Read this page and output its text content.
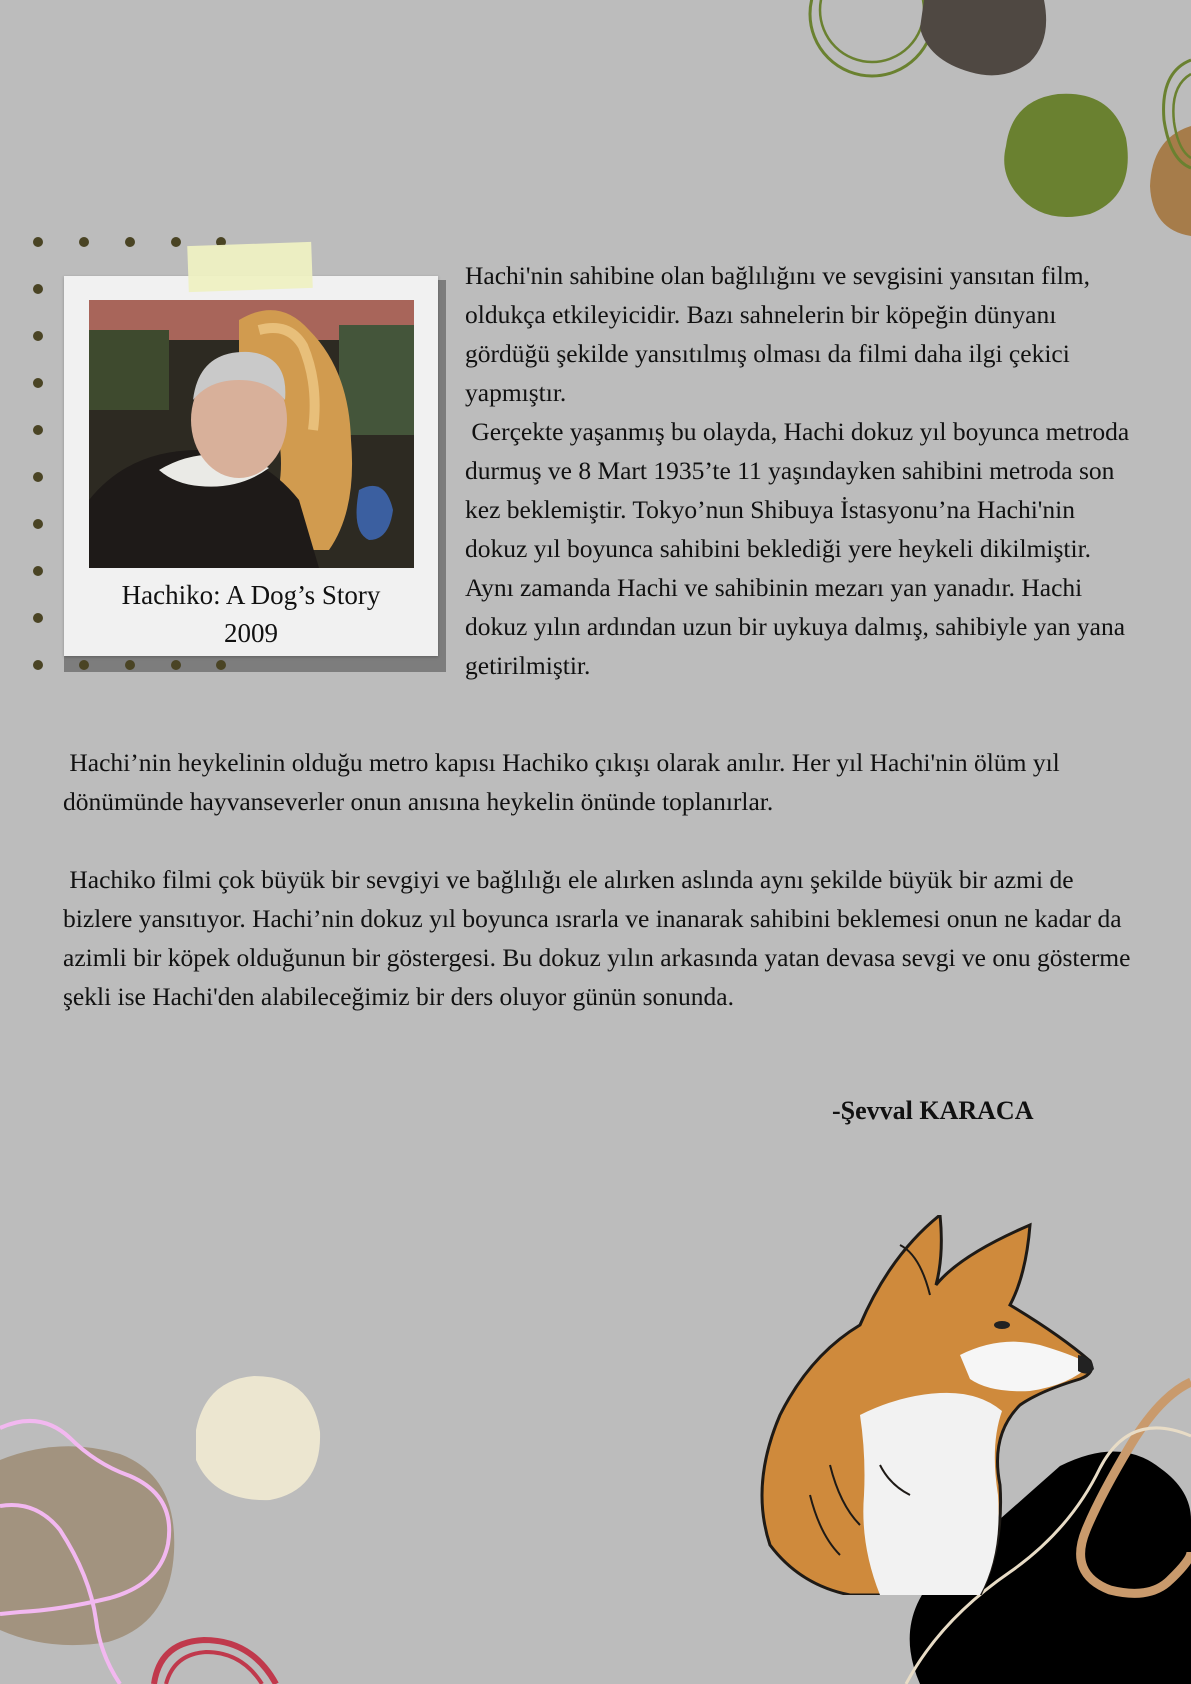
Hachiko: A Dog’s Story
2009

Hachi'nin sahibine olan bağlılığını ve sevgisini yansıtan film, oldukça etkileyicidir. Bazı sahnelerin bir köpeğin dünyanı gördüğü şekilde yansıtılmış olması da filmi daha ilgi çekici yapmıştır.

Gerçekte yaşanmış bu olayda, Hachi dokuz yıl boyunca metroda durmuş ve 8 Mart 1935’te 11 yaşındayken sahibini metroda son kez beklemiştir. Tokyo’nun Shibuya İstasyonu’na Hachi'nin dokuz yıl boyunca sahibini beklediği yere heykeli dikilmiştir. Aynı zamanda Hachi ve sahibinin mezarı yan yanadır. Hachi dokuz yılın ardından uzun bir uykuya dalmış, sahibiyle yan yana getirilmiştir.

Hachi’nin heykelinin olduğu metro kapısı Hachiko çıkışı olarak anılır. Her yıl Hachi'nin ölüm yıl dönümünde hayvanseverler onun anısına heykelin önünde toplanırlar.

Hachiko filmi çok büyük bir sevgiyi ve bağlılığı ele alırken aslında aynı şekilde büyük bir azmi de bizlere yansıtıyor. Hachi’nin dokuz yıl boyunca ısrarla ve inanarak sahibini beklemesi onun ne kadar da azimli bir köpek olduğunun bir göstergesi. Bu dokuz yılın arkasında yatan devasa sevgi ve onu gösterme şekli ise Hachi'den alabileceğimiz bir ders oluyor günün sonunda.

-Şevval KARACA
